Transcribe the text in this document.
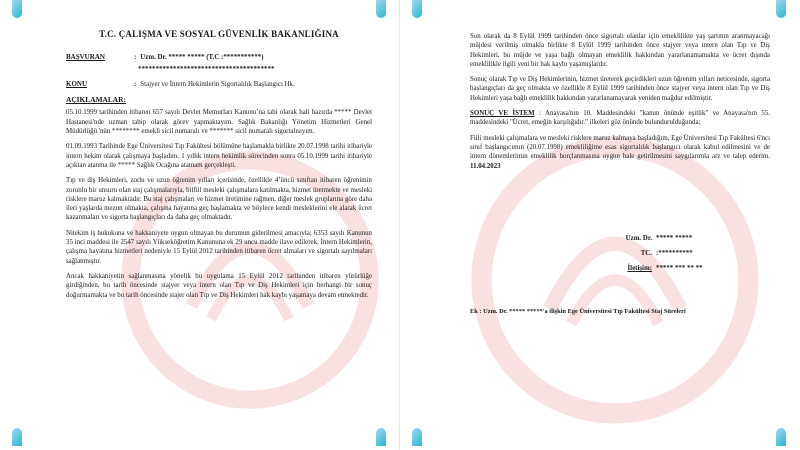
T.C. ÇALIŞMA VE SOSYAL GÜVENLİK BAKANLIĞINA
BAŞVURAN	: Uzm. Dr. ***** ***** (T.C :***********)
***************************************
KONU	: Stajyer ve İntern Hekimlerin Sigortalılık Başlangıcı Hk.
AÇIKLAMALAR:

05.10.1999 tarihinden itibaren 657 sayılı Devlet Memurları Kanunu’na tabi olarak hali hazırda ***** Devlet Hastanesi'nde uzman tabip olarak görev yapmaktayım. Sağlık Bakanlığı Yönetim Hizmetleri Genel Müdürlüğü 'nün ******** emekli sicil numaralı ve ******* sicil numaralı sigortalısıyım.

01.09.1993 Tarihinde Ege Üniversitesi Tıp Fakültesi bölümüne başlamakla birlikte 20.07.1998 tarihi itibariyle intern hekim olarak çalışmaya başladım. 1 yıllık intern hekimlik sürecinden sonra 05.10.1999 tarihi itibariyle açıktan atanma ile ***** Sağlık Ocağına atamam gerçekleşti.

Tıp ve diş Hekimleri, zorlu ve uzun öğrenim yılları içerisinde, özellikle 4’üncü sınıftan itibaren öğrenimin zorunlu bir unsuru olan staj çalışmalarıyla, bilfiil mesleki çalışmalara katılmakta, hizmet üretmekte ve mesleki risklere maruz kalmaktadır. Bu staj çalışmaları ve hizmet üretimine rağmen, diğer meslek gruplarına göre daha ileri yaşlarda mezun olmakta, çalışma hayatına geç başlamakta ve böylece kendi mesleklerini ele alarak ücret kazanmaları ve sigorta başlangıçları da daha geç olmaktadır.

Nitekim iş hukukuna ve hakkaniyete uygun olmayan bu durumun giderilmesi amacıyla; 6353 sayılı Kanunun 35 inci maddesi ile 2547 sayılı Yükseköğretim Kanununa ek 29 uncu madde ilave edilerek, İntern Hekimlerin, çalışma hayatına hizmetleri nedeniyle 15 Eylül 2012 tarihinden itibaren ücret almaları ve sigortalı sayılmaları sağlanmıştır.

Ancak hakkaniyetin sağlanmasına yönelik bu uygulama 15 Eylül 2012 tarihinden itibaren yürürlüğe girdiğinden, bu tarih öncesinde stajyer veya intern olan Tıp ve Diş Hekimleri için herhangi bir sonuç doğurmamakta ve bu tarih öncesinde stajer olan Tıp ve Diş Hekimleri hak kaybı yaşamaya devam etmektedir.

Son olarak da 8 Eylül 1999 tarihinden önce sigortalı olanlar için emeklilikte yaş şartının aranmayacağı müjdesi verilmiş olmakla birlikte 8 Eylül 1999 tarihinden önce stajyer veya intern olan Tıp ve Diş Hekimleri, bu müjde ve yaşa bağlı olmayan emeklilik hakkından yararlanamamakta ve ücret dışında emeklilikle ilgili yeni bir hak kaybı yaşamışlardır.

Sonuç olarak Tıp ve Diş Hekimlerinin, hizmet üreterek geçirdikleri uzun öğrenim yılları neticesinde, sigorta başlangıçları da geç olmakta ve özellikle 8 Eylül 1999 tarihinden önce stajyer veya intern olan Tıp ve Diş Hekimleri yaşa bağlı emeklilik hakkından yararlanamayarak yeniden mağdur edilmiştir.

SONUÇ VE İSTEM : Anayasa'nın 10. Maddesindeki "kanun önünde eşitlik" ve Anayasa'nın 55. maddesindeki "Ücret, emeğin karşılığıdır." ilkeleri göz önünde bulundurulduğunda;

Fiili mesleki çalışmalara ve mesleki risklere maruz kalmaya başladığım, Ege Üniversitesi Tıp Fakültesi 6'ncı sınıf başlangıcımın (20.07.1998) emekliliğime esas sigortalılık başlangıcı olarak kabul edilmesini ve de intern dönemlerimin emeklilik borçlanmasına uygun hale getirilmesini saygılarımla arz ve talep ederim. 11.04.2023

Uzm. Dr. ***** *****
TC. :**********
İletişim: ***** *** ** **
Ek : Uzm. Dr. ***** *****'a ilişkin Ege Üniversitesi Tıp Fakültesi Staj Süreleri
